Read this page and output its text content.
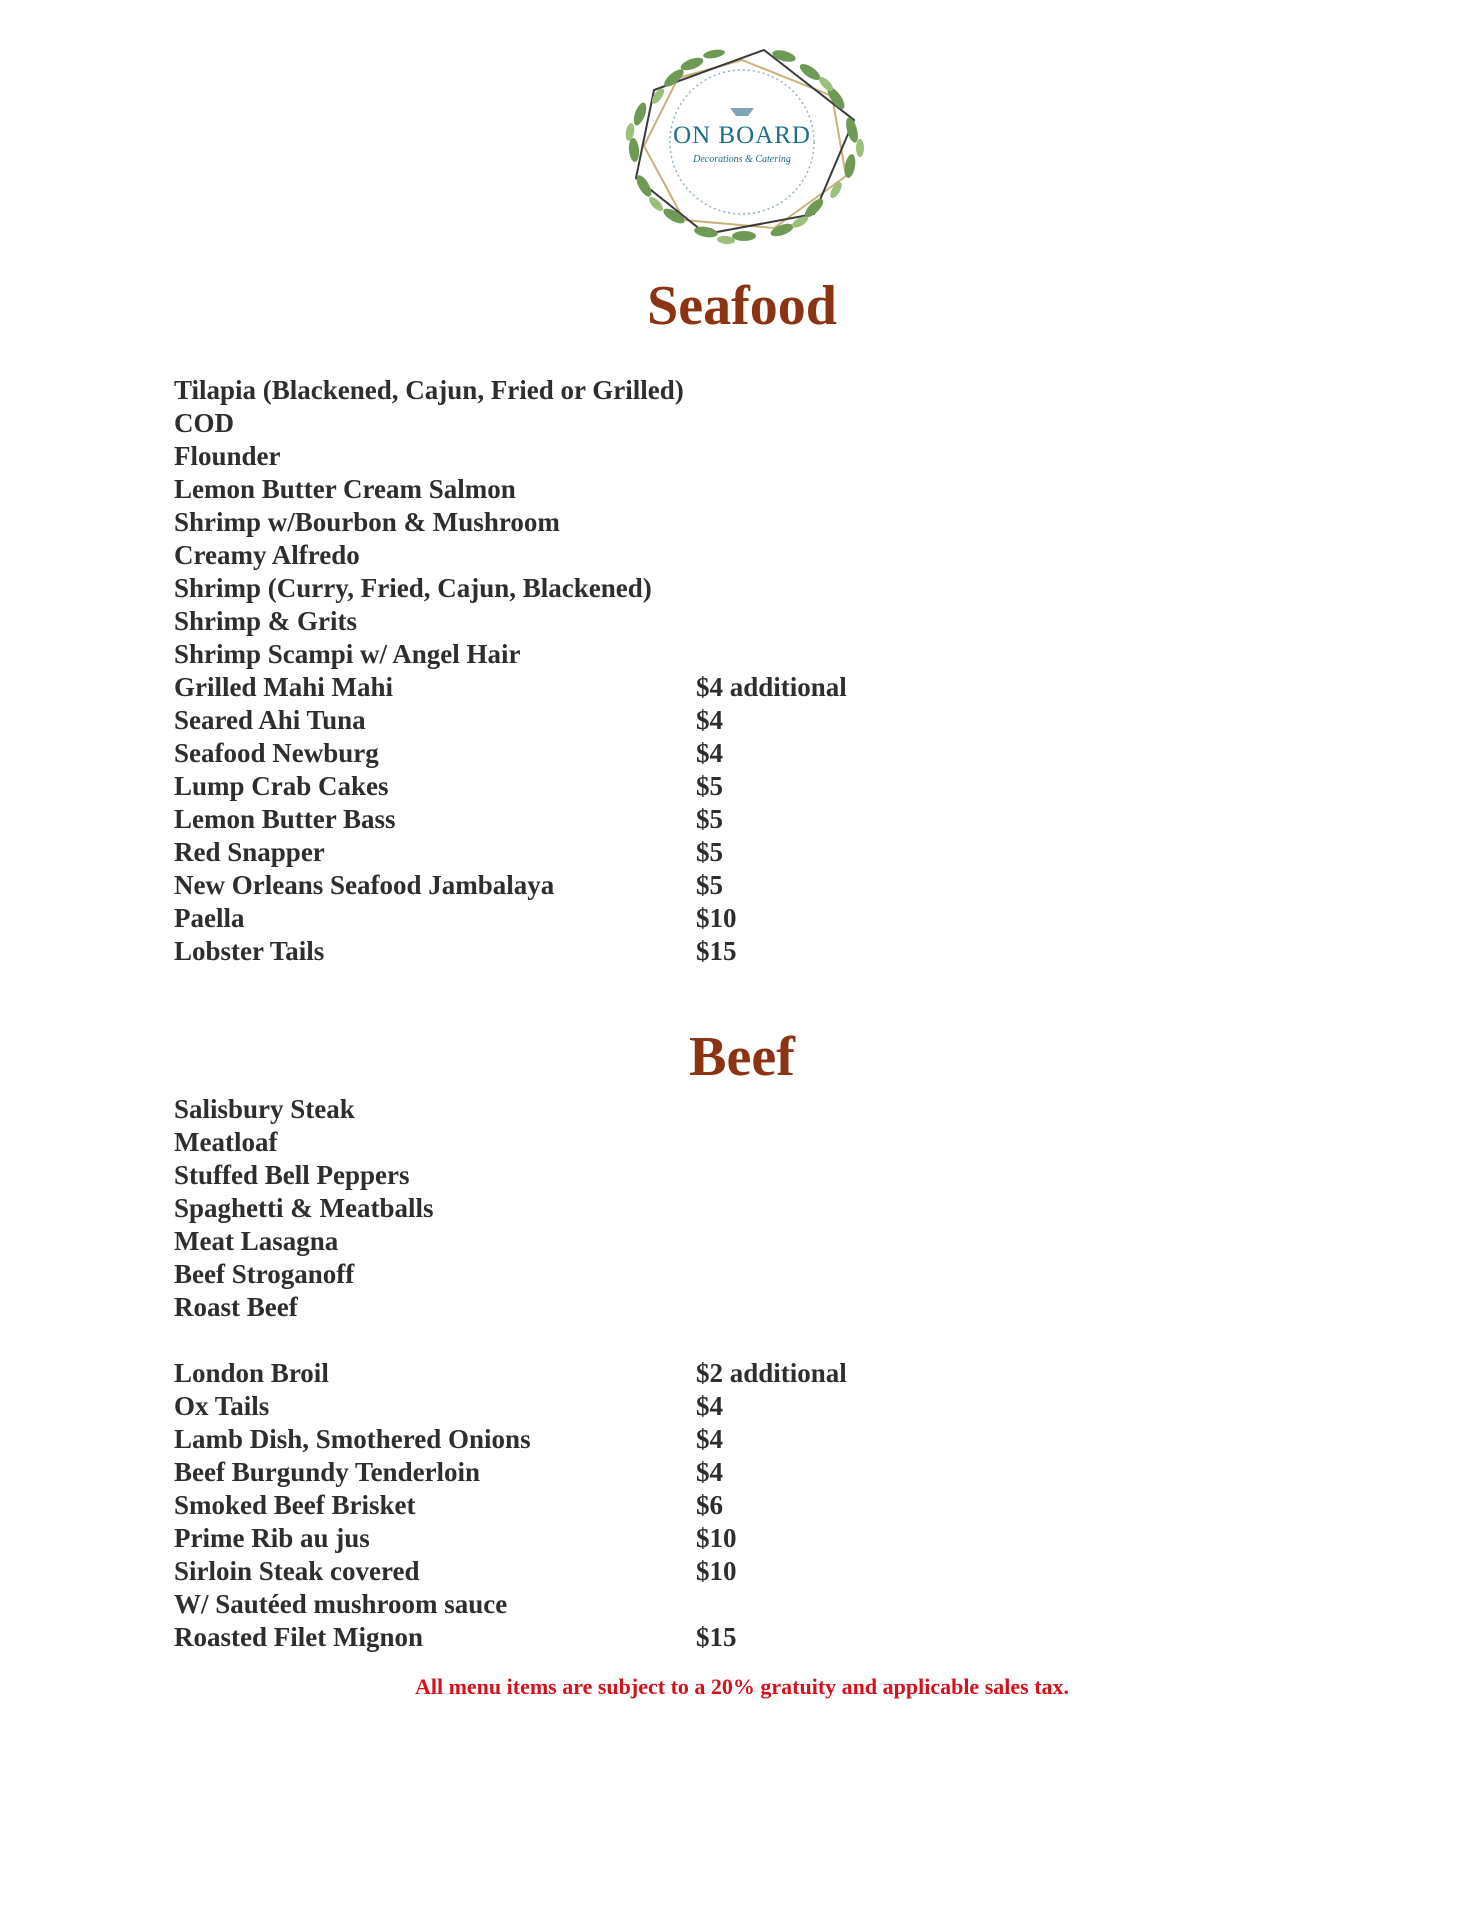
ON BOARD
Decorations & Catering
Seafood
Tilapia (Blackened, Cajun, Fried or Grilled)
COD
Flounder
Lemon Butter Cream Salmon
Shrimp w/Bourbon & Mushroom
Creamy Alfredo
Shrimp (Curry, Fried, Cajun, Blackened)
Shrimp & Grits
Shrimp Scampi w/ Angel Hair
Grilled Mahi Mahi	$4 additional
Seared Ahi Tuna	$4
Seafood Newburg	$4
Lump Crab Cakes	$5
Lemon Butter Bass	$5
Red Snapper	$5
New Orleans Seafood Jambalaya	$5
Paella	$10
Lobster Tails	$15
Beef
Salisbury Steak
Meatloaf
Stuffed Bell Peppers
Spaghetti & Meatballs
Meat Lasagna
Beef Stroganoff
Roast Beef
London Broil	$2 additional
Ox Tails	$4
Lamb Dish, Smothered Onions	$4
Beef Burgundy Tenderloin	$4
Smoked Beef Brisket	$6
Prime Rib au jus	$10
Sirloin Steak covered	$10
W/ Sautéed mushroom sauce
Roasted Filet Mignon	$15
All menu items are subject to a 20% gratuity and applicable sales tax.
